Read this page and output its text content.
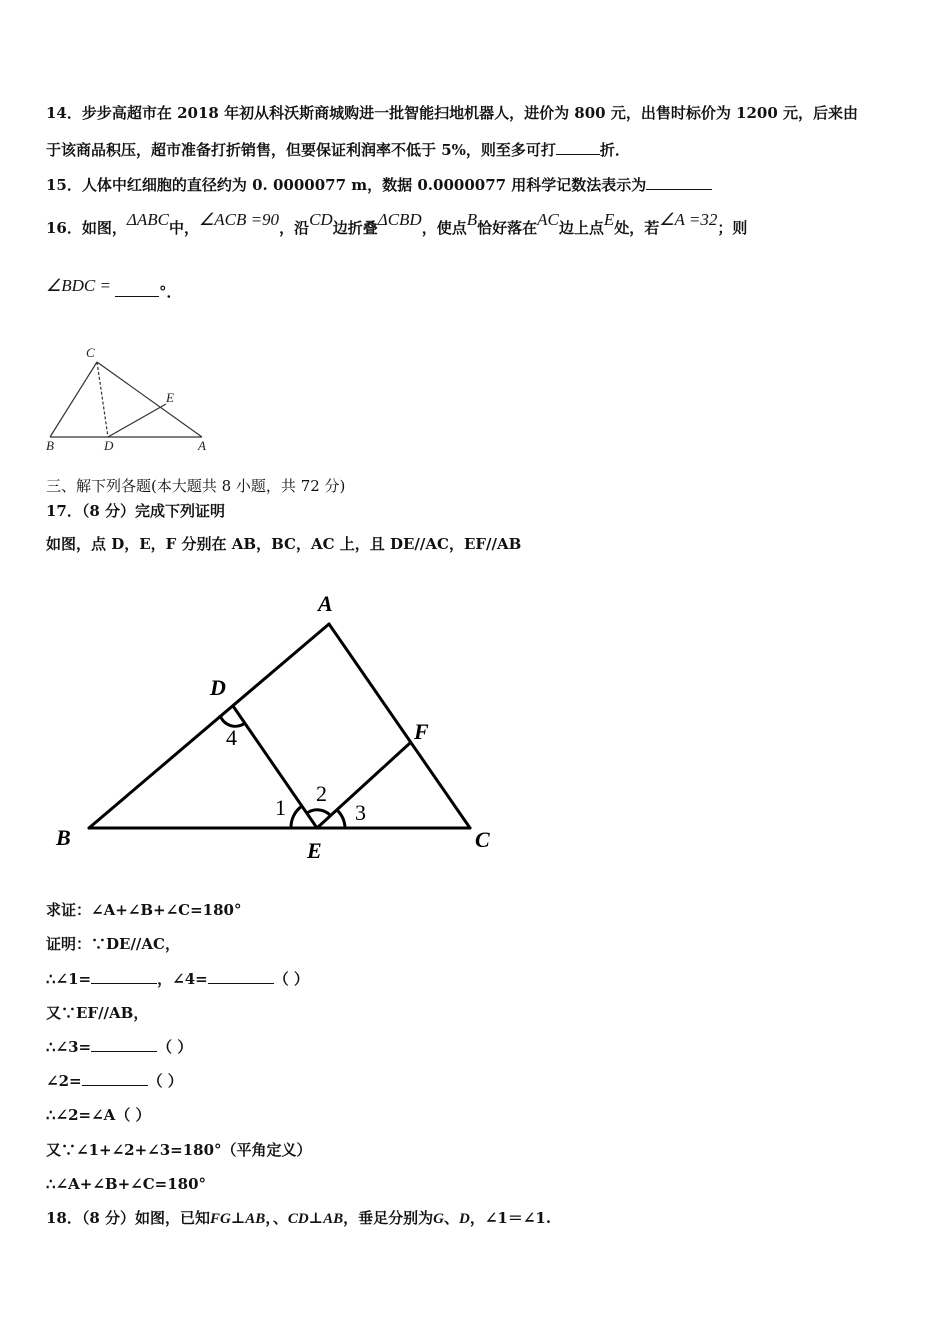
14．步步高超市在 2018 年初从科沃斯商城购进一批智能扫地机器人，进价为 800 元，出售时标价为 1200 元，后来由
于该商品积压，超市准备打折销售，但要保证利润率不低于 5%，则至多可打	折．
15．人体中红细胞的直径约为 0. 0000077 m，数据 0.0000077 用科学记数法表示为
16．如图，ΔABC中，∠ACB =90，沿CD边折叠ΔCBD，使点B恰好落在AC边上点E处，若∠A =32；则
∠BDC =	°．
C
E
B	D	A
三、解下列各题(本大题共 8 小题，共 72 分)
17．（8 分）完成下列证明
如图，点 D，E，F 分别在 AB，BC，AC 上，且 DE//AC，EF//AB
A
D
F
B
E	C
1
2
3
4
求证：∠A+∠B+∠C=180°
证明：∵DE//AC，
∴∠1=	，∠4=	（ ）
又∵EF//AB，
∴∠3=	（ ）
∠2=	（ ）
∴∠2=∠A（ ）
又∵∠1+∠2+∠3=180°（平角定义）
∴∠A+∠B+∠C=180°
18．（8 分）如图，已知FG⊥AB，、CD⊥AB，垂足分别为G、D，∠1＝∠1.
